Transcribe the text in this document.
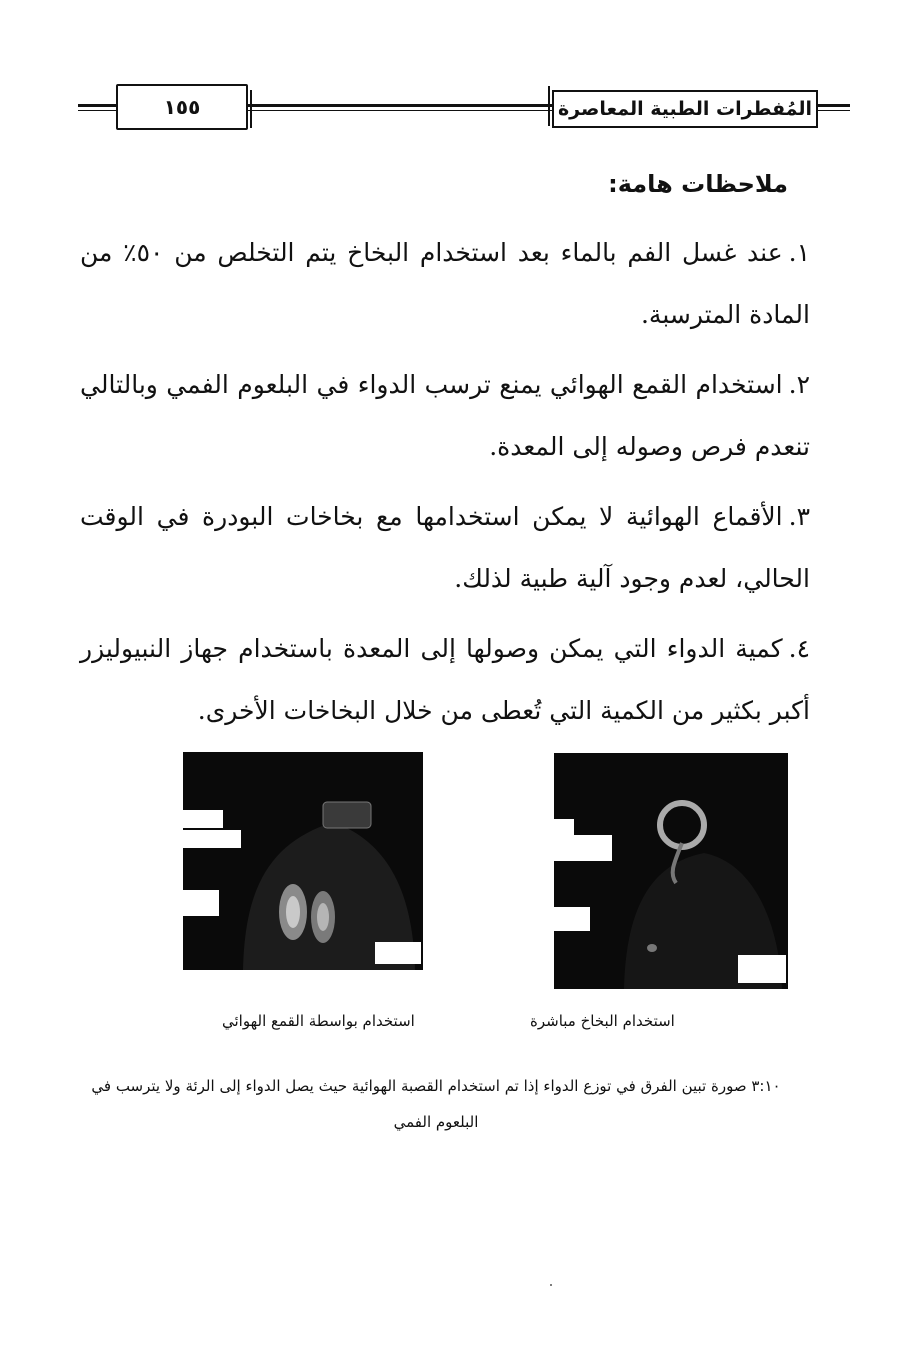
١٥٥	المُفطرات الطبية المعاصرة
ملاحظات هامة:
١.عند غسل الفم بالماء بعد استخدام البخاخ يتم التخلص من ٥٠٪ من المادة المترسبة.
٢.استخدام القمع الهوائي يمنع ترسب الدواء في البلعوم الفمي وبالتالي تنعدم فرص وصوله إلى المعدة.
٣.الأقماع الهوائية لا يمكن استخدامها مع بخاخات البودرة في الوقت الحالي، لعدم وجود آلية طبية لذلك.
٤.كمية الدواء التي يمكن وصولها إلى المعدة باستخدام جهاز النبيوليزر أكبر بكثير من الكمية التي تُعطى من خلال البخاخات الأخرى.
استخدام بواسطة القمع الهوائي	استخدام البخاخ مباشرة
٣:١٠ صورة تبين الفرق في توزع الدواء إذا تم استخدام القصبة الهوائية حيث يصل الدواء إلى الرئة ولا يترسب في البلعوم الفمي
